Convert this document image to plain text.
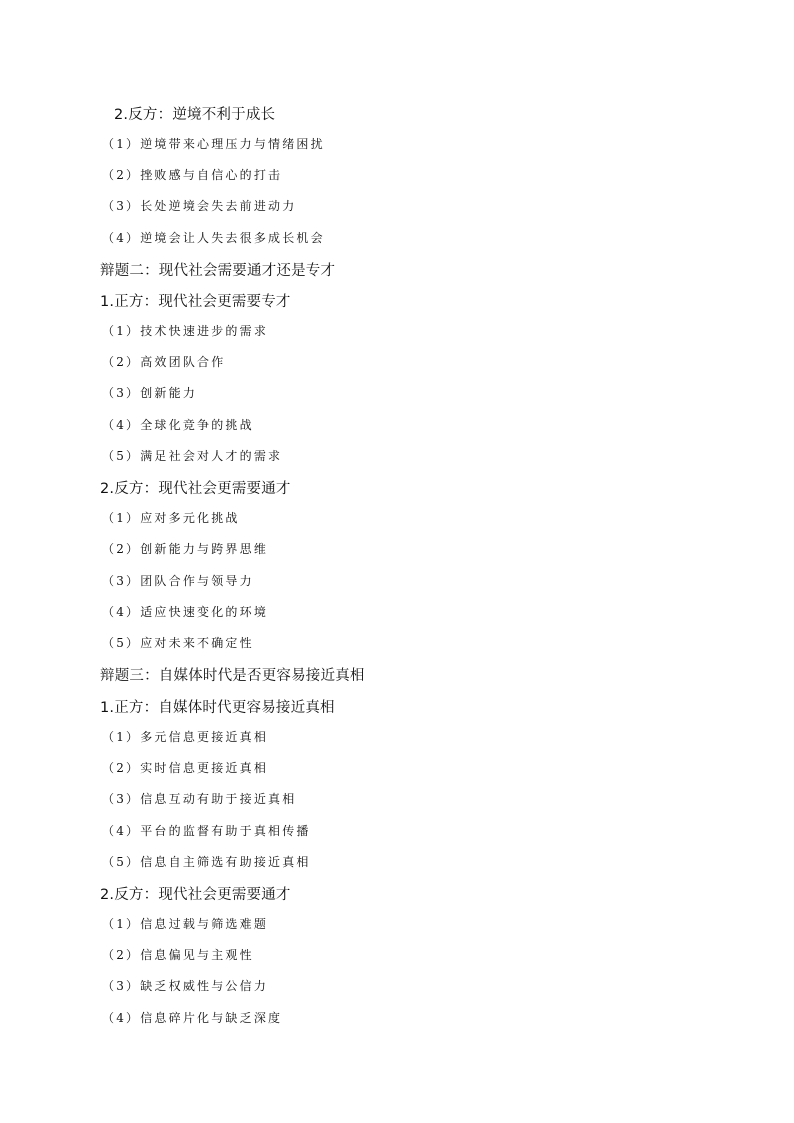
2.反方：逆境不利于成长
（1）逆境带来心理压力与情绪困扰
（2）挫败感与自信心的打击
（3）长处逆境会失去前进动力
（4）逆境会让人失去很多成长机会
辩题二：现代社会需要通才还是专才
1.正方：现代社会更需要专才
（1）技术快速进步的需求
（2）高效团队合作
（3）创新能力
（4）全球化竞争的挑战
（5）满足社会对人才的需求
2.反方：现代社会更需要通才
（1）应对多元化挑战
（2）创新能力与跨界思维
（3）团队合作与领导力
（4）适应快速变化的环境
（5）应对未来不确定性
辩题三：自媒体时代是否更容易接近真相
1.正方：自媒体时代更容易接近真相
（1）多元信息更接近真相
（2）实时信息更接近真相
（3）信息互动有助于接近真相
（4）平台的监督有助于真相传播
（5）信息自主筛选有助接近真相
2.反方：现代社会更需要通才
（1）信息过载与筛选难题
（2）信息偏见与主观性
（3）缺乏权威性与公信力
（4）信息碎片化与缺乏深度
